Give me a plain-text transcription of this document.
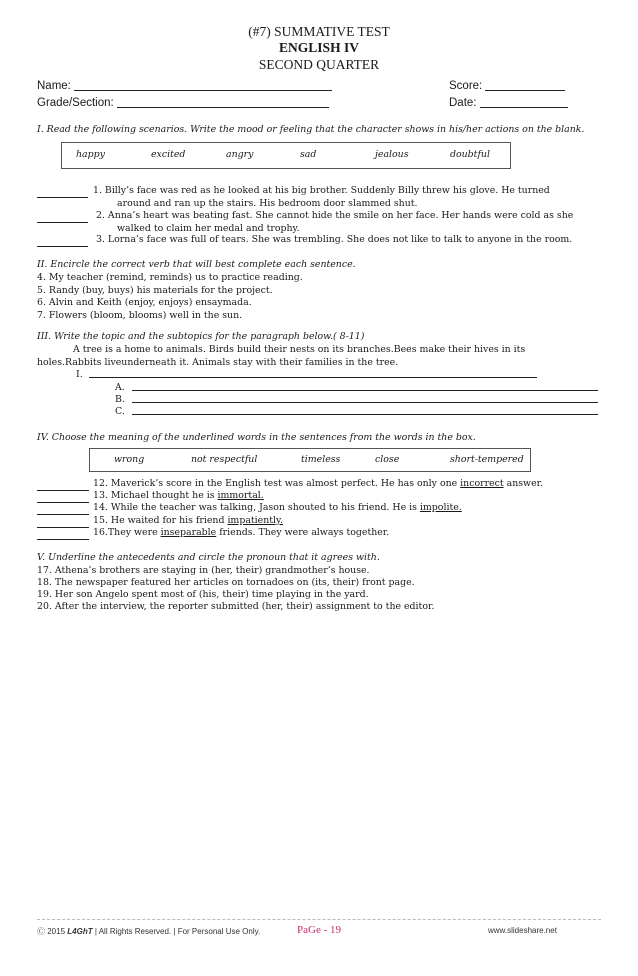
(#7) SUMMATIVE TEST
ENGLISH IV
SECOND QUARTER
Name:	Score:
Grade/Section:	Date:
I. Read the following scenarios. Write the mood or feeling that the character shows in his/her actions on the blank.
happy	excited	angry	sad	jealous	doubtful
1. Billy’s face was red as he looked at his big brother. Suddenly Billy threw his glove. He turned
around and ran up the stairs. His bedroom door slammed shut.
2. Anna’s heart was beating fast. She cannot hide the smile on her face. Her hands were cold as she
walked to claim her medal and trophy.
3. Lorna’s face was full of tears. She was trembling. She does not like to talk to anyone in the room.
II. Encircle the correct verb that will best complete each sentence.
4. My teacher (remind, reminds) us to practice reading.
5. Randy (buy, buys) his materials for the project.
6. Alvin and Keith (enjoy, enjoys) ensaymada.
7. Flowers (bloom, blooms) well in the sun.
III. Write the topic and the subtopics for the paragraph below.( 8-11)
A tree is a home to animals. Birds build their nests on its branches.Bees make their hives in its
holes.Rabbits liveunderneath it. Animals stay with their families in the tree.
I.
A.
B.
C.
IV. Choose the meaning of the underlined words in the sentences from the words in the box.
wrong	not respectful	timeless	close	short-tempered
12. Maverick’s score in the English test was almost perfect. He has only one incorrect answer.
13. Michael thought he is immortal.
14. While the teacher was talking, Jason shouted to his friend. He is impolite.
15. He waited for his friend impatiently.
16.They were inseparable friends. They were always together.
V. Underline the antecedents and circle the pronoun that it agrees with.
17. Athena’s brothers are staying in (her, their) grandmother’s house.
18. The newspaper featured her articles on tornadoes on (its, their) front page.
19. Her son Angelo spent most of (his, their) time playing in the yard.
20. After the interview, the reporter submitted (her, their) assignment to the editor.
Ⓒ 2015 L4GhT | All Rights Reserved. | For Personal Use Only.	PaGe - 19	www.slideshare.net
